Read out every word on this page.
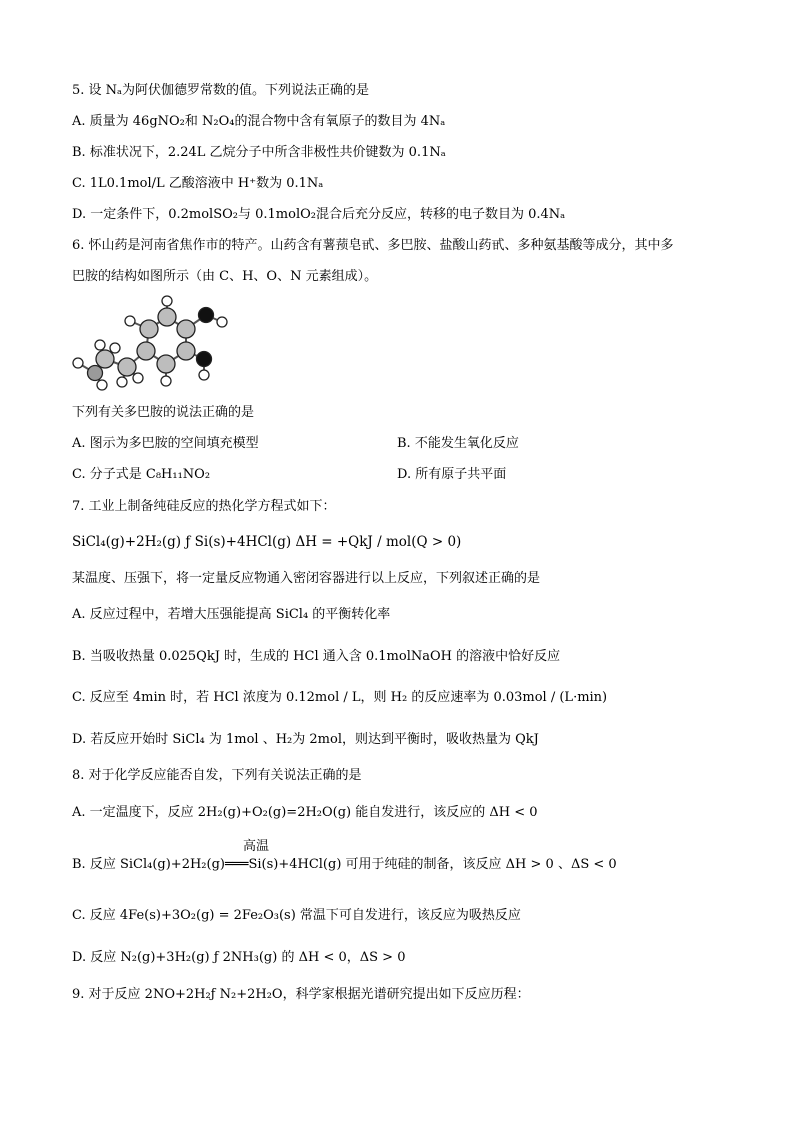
5. 设 Nₐ为阿伏伽德罗常数的值。下列说法正确的是
A. 质量为 46gNO₂和 N₂O₄的混合物中含有氧原子的数目为 4Nₐ
B. 标准状况下，2.24L 乙烷分子中所含非极性共价键数为 0.1Nₐ
C. 1L0.1mol/L 乙酸溶液中 H⁺数为 0.1Nₐ
D. 一定条件下，0.2molSO₂与 0.1molO₂混合后充分反应，转移的电子数目为 0.4Nₐ
6. 怀山药是河南省焦作市的特产。山药含有薯蓣皂甙、多巴胺、盐酸山药甙、多种氨基酸等成分，其中多
巴胺的结构如图所示（由 C、H、O、N 元素组成）。
下列有关多巴胺的说法正确的是
A. 图示为多巴胺的空间填充模型	B. 不能发生氧化反应
C. 分子式是 C₈H₁₁NO₂	D. 所有原子共平面
7. 工业上制备纯硅反应的热化学方程式如下：
SiCl₄(g)+2H₂(g) ƒ Si(s)+4HCl(g) ΔH = +QkJ / mol(Q > 0)
某温度、压强下，将一定量反应物通入密闭容器进行以上反应，下列叙述正确的是
A. 反应过程中，若增大压强能提高 SiCl₄ 的平衡转化率
B. 当吸收热量 0.025QkJ 时，生成的 HCl 通入含 0.1molNaOH 的溶液中恰好反应
C. 反应至 4min 时，若 HCl 浓度为 0.12mol / L，则 H₂ 的反应速率为 0.03mol / (L·min)
D. 若反应开始时 SiCl₄ 为 1mol 、H₂为 2mol，则达到平衡时，吸收热量为 QkJ
8. 对于化学反应能否自发，下列有关说法正确的是
A. 一定温度下，反应 2H₂(g)+O₂(g)=2H₂O(g) 能自发进行，该反应的 ΔH < 0
高温
B. 反应 SiCl₄(g)+2H₂(g)═══Si(s)+4HCl(g) 可用于纯硅的制备，该反应 ΔH > 0 、ΔS < 0
C. 反应 4Fe(s)+3O₂(g) = 2Fe₂O₃(s) 常温下可自发进行，该反应为吸热反应
D. 反应 N₂(g)+3H₂(g) ƒ 2NH₃(g) 的 ΔH < 0，ΔS > 0
9. 对于反应 2NO+2H₂ƒ N₂+2H₂O，科学家根据光谱研究提出如下反应历程：
